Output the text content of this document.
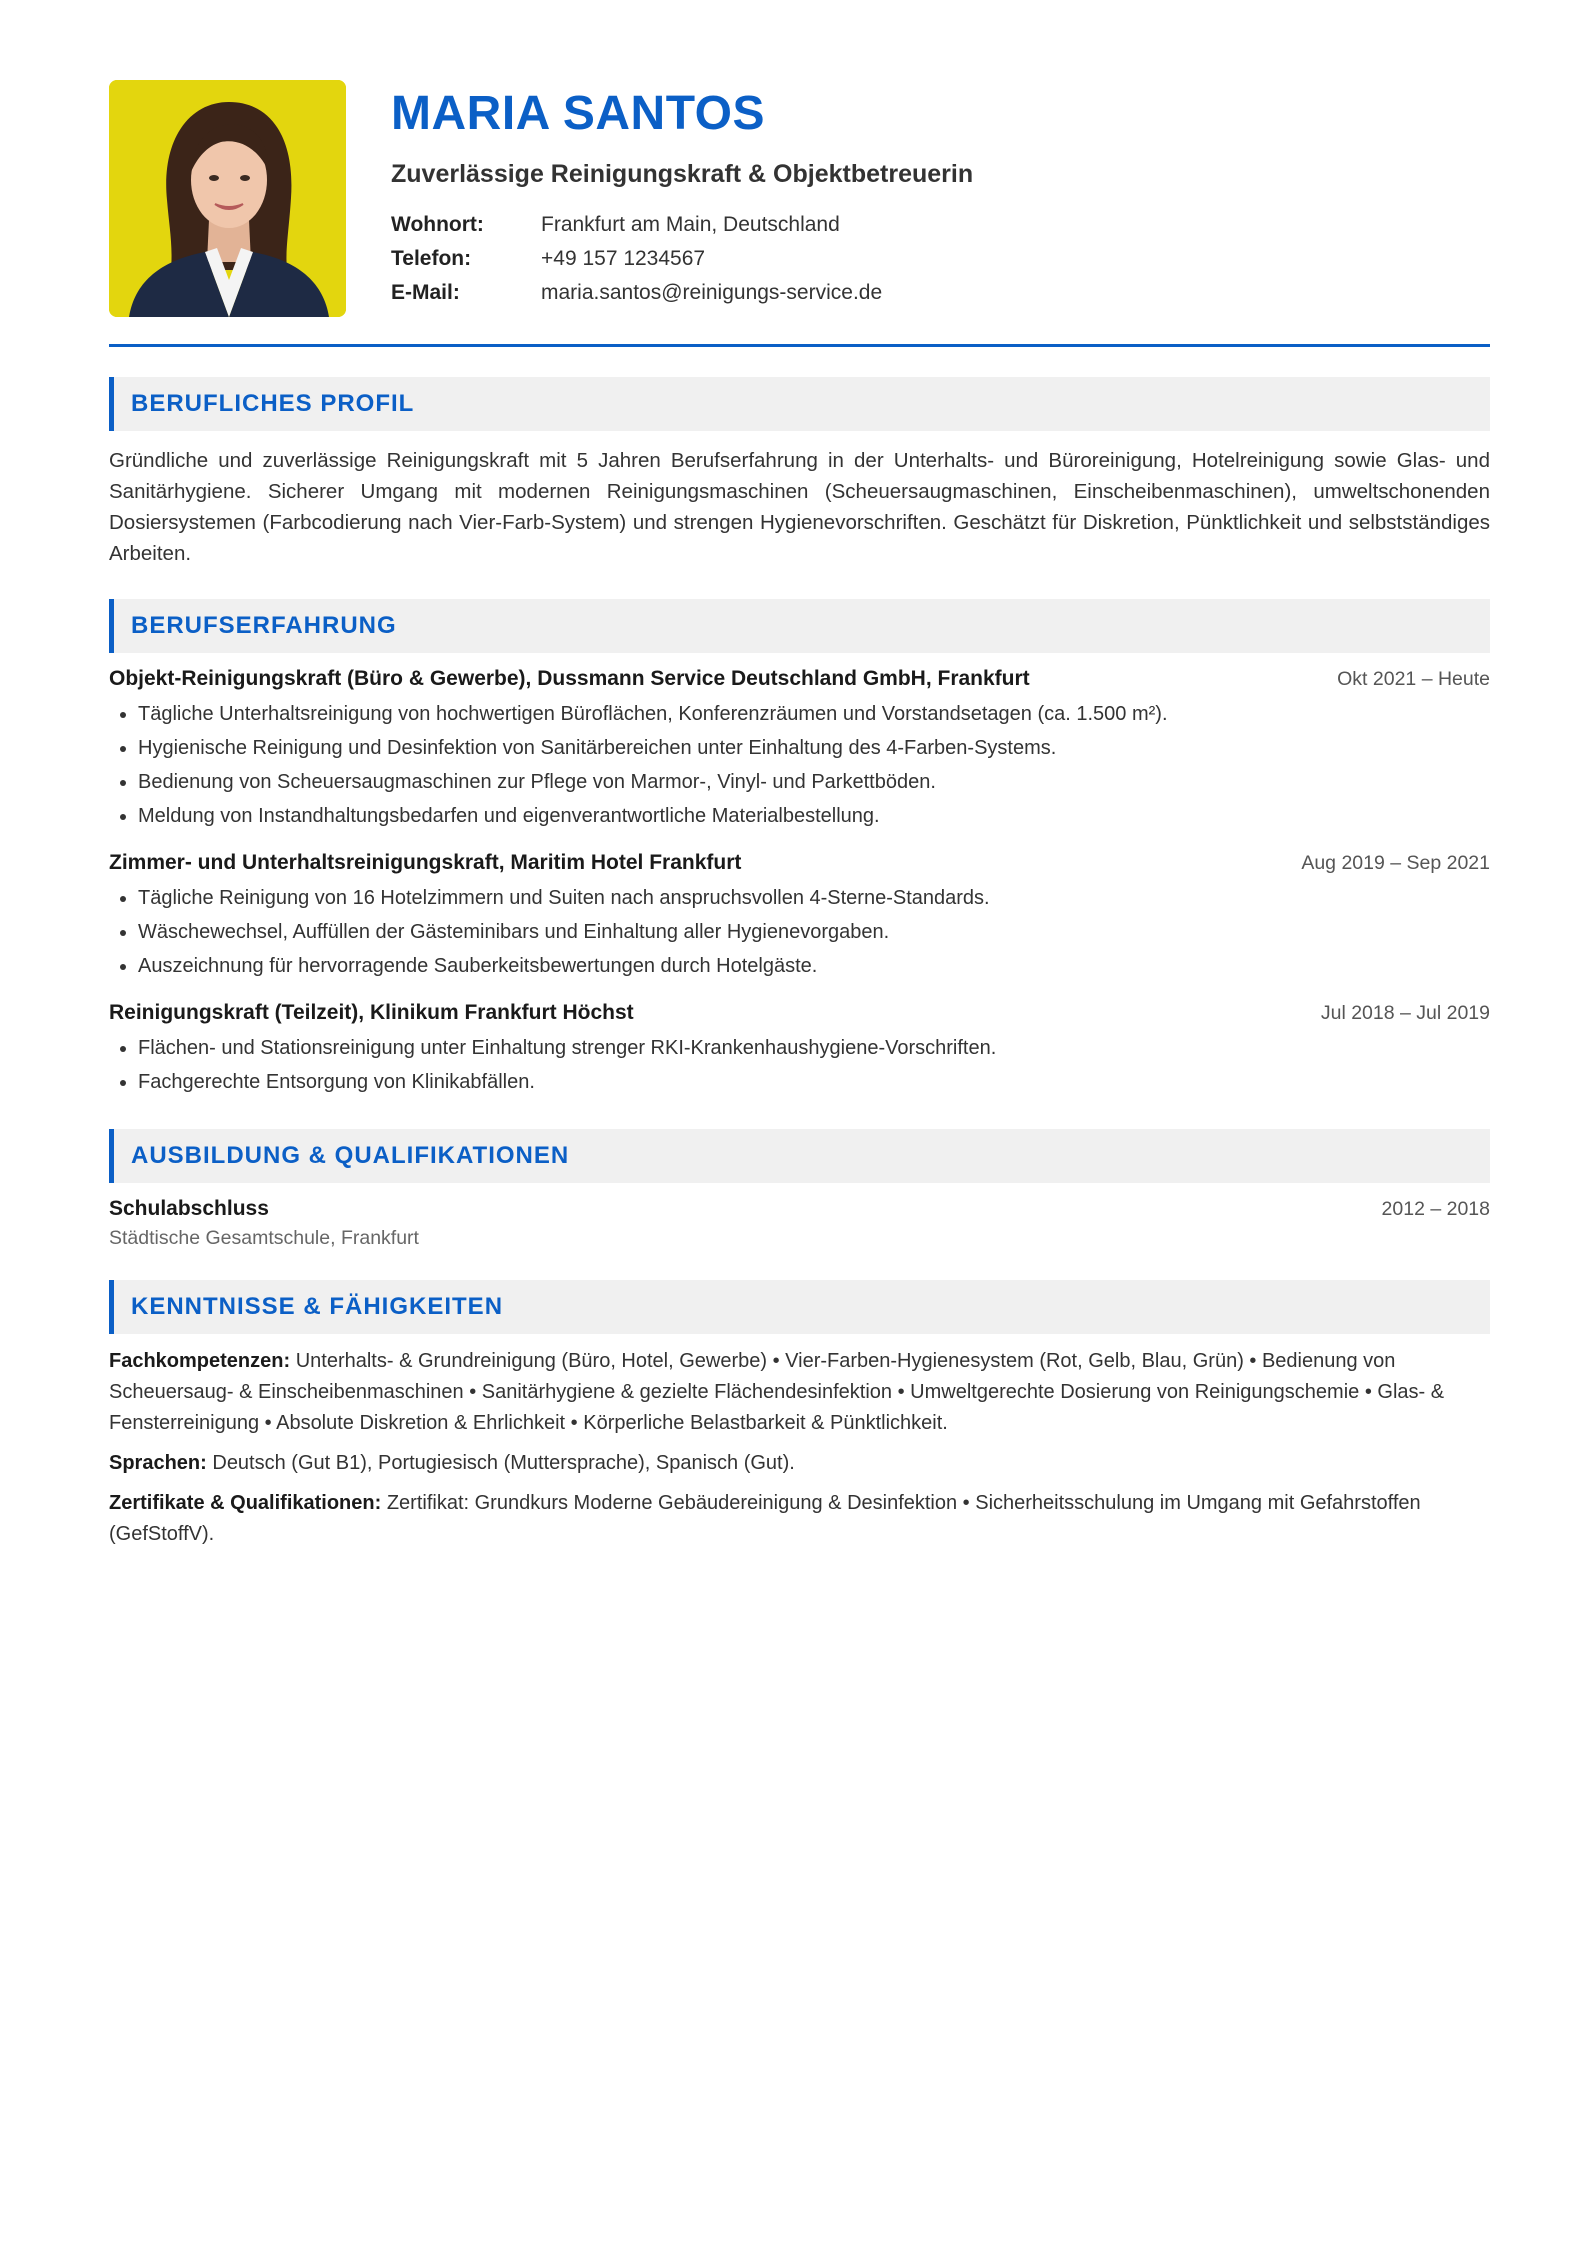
MARIA SANTOS
Zuverlässige Reinigungskraft & Objektbetreuerin
Wohnort:	Frankfurt am Main, Deutschland
Telefon:	+49 157 1234567
E-Mail:	maria.santos@reinigungs-service.de
BERUFLICHES PROFIL
Gründliche und zuverlässige Reinigungskraft mit 5 Jahren Berufserfahrung in der Unterhalts- und Büroreinigung, Hotelreinigung sowie Glas- und Sanitärhygiene. Sicherer Umgang mit modernen Reinigungsmaschinen (Scheuersaugmaschinen, Einscheibenmaschinen), umweltschonenden Dosiersystemen (Farbcodierung nach Vier-Farb-System) und strengen Hygienevorschriften. Geschätzt für Diskretion, Pünktlichkeit und selbstständiges Arbeiten.
BERUFSERFAHRUNG
Objekt-Reinigungskraft (Büro & Gewerbe), Dussmann Service Deutschland GmbH, Frankfurt	Okt 2021 – Heute
• Tägliche Unterhaltsreinigung von hochwertigen Büroflächen, Konferenzräumen und Vorstandsetagen (ca. 1.500 m²).
• Hygienische Reinigung und Desinfektion von Sanitärbereichen unter Einhaltung des 4-Farben-Systems.
• Bedienung von Scheuersaugmaschinen zur Pflege von Marmor-, Vinyl- und Parkettböden.
• Meldung von Instandhaltungsbedarfen und eigenverantwortliche Materialbestellung.
Zimmer- und Unterhaltsreinigungskraft, Maritim Hotel Frankfurt	Aug 2019 – Sep 2021
• Tägliche Reinigung von 16 Hotelzimmern und Suiten nach anspruchsvollen 4-Sterne-Standards.
• Wäschewechsel, Auffüllen der Gästeminibars und Einhaltung aller Hygienevorgaben.
• Auszeichnung für hervorragende Sauberkeitsbewertungen durch Hotelgäste.
Reinigungskraft (Teilzeit), Klinikum Frankfurt Höchst	Jul 2018 – Jul 2019
• Flächen- und Stationsreinigung unter Einhaltung strenger RKI-Krankenhaushygiene-Vorschriften.
• Fachgerechte Entsorgung von Klinikabfällen.
AUSBILDUNG & QUALIFIKATIONEN
Schulabschluss	2012 – 2018
Städtische Gesamtschule, Frankfurt
KENNTNISSE & FÄHIGKEITEN
Fachkompetenzen: Unterhalts- & Grundreinigung (Büro, Hotel, Gewerbe) • Vier-Farben-Hygienesystem (Rot, Gelb, Blau, Grün) • Bedienung von Scheuersaug- & Einscheibenmaschinen • Sanitärhygiene & gezielte Flächendesinfektion • Umweltgerechte Dosierung von Reinigungschemie • Glas- & Fensterreinigung • Absolute Diskretion & Ehrlichkeit • Körperliche Belastbarkeit & Pünktlichkeit.
Sprachen: Deutsch (Gut B1), Portugiesisch (Muttersprache), Spanisch (Gut).
Zertifikate & Qualifikationen: Zertifikat: Grundkurs Moderne Gebäudereinigung & Desinfektion • Sicherheitsschulung im Umgang mit Gefahrstoffen (GefStoffV).
